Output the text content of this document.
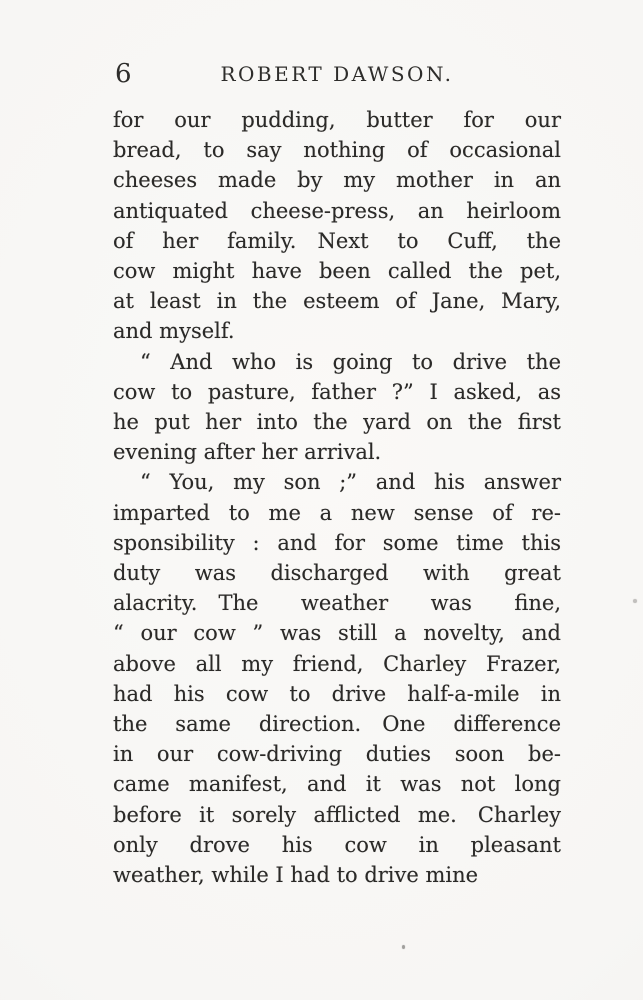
6	ROBERT DAWSON.
for our pudding, butter for our
bread, to say nothing of occasional
cheeses made by my mother in an
antiquated cheese-press, an heirloom
of her family. Next to Cuff, the
cow might have been called the pet,
at least in the esteem of Jane, Mary,
and myself.
“ And who is going to drive the
cow to pasture, father ?” I asked, as
he put her into the yard on the first
evening after her arrival.
“ You, my son ;” and his answer
imparted to me a new sense of re-
sponsibility : and for some time this
duty was discharged with great
alacrity. The weather was fine,
“ our cow ” was still a novelty, and
above all my friend, Charley Frazer,
had his cow to drive half-a-mile in
the same direction. One difference
in our cow-driving duties soon be-
came manifest, and it was not long
before it sorely afflicted me. Charley
only drove his cow in pleasant
weather, while I had to drive mine
